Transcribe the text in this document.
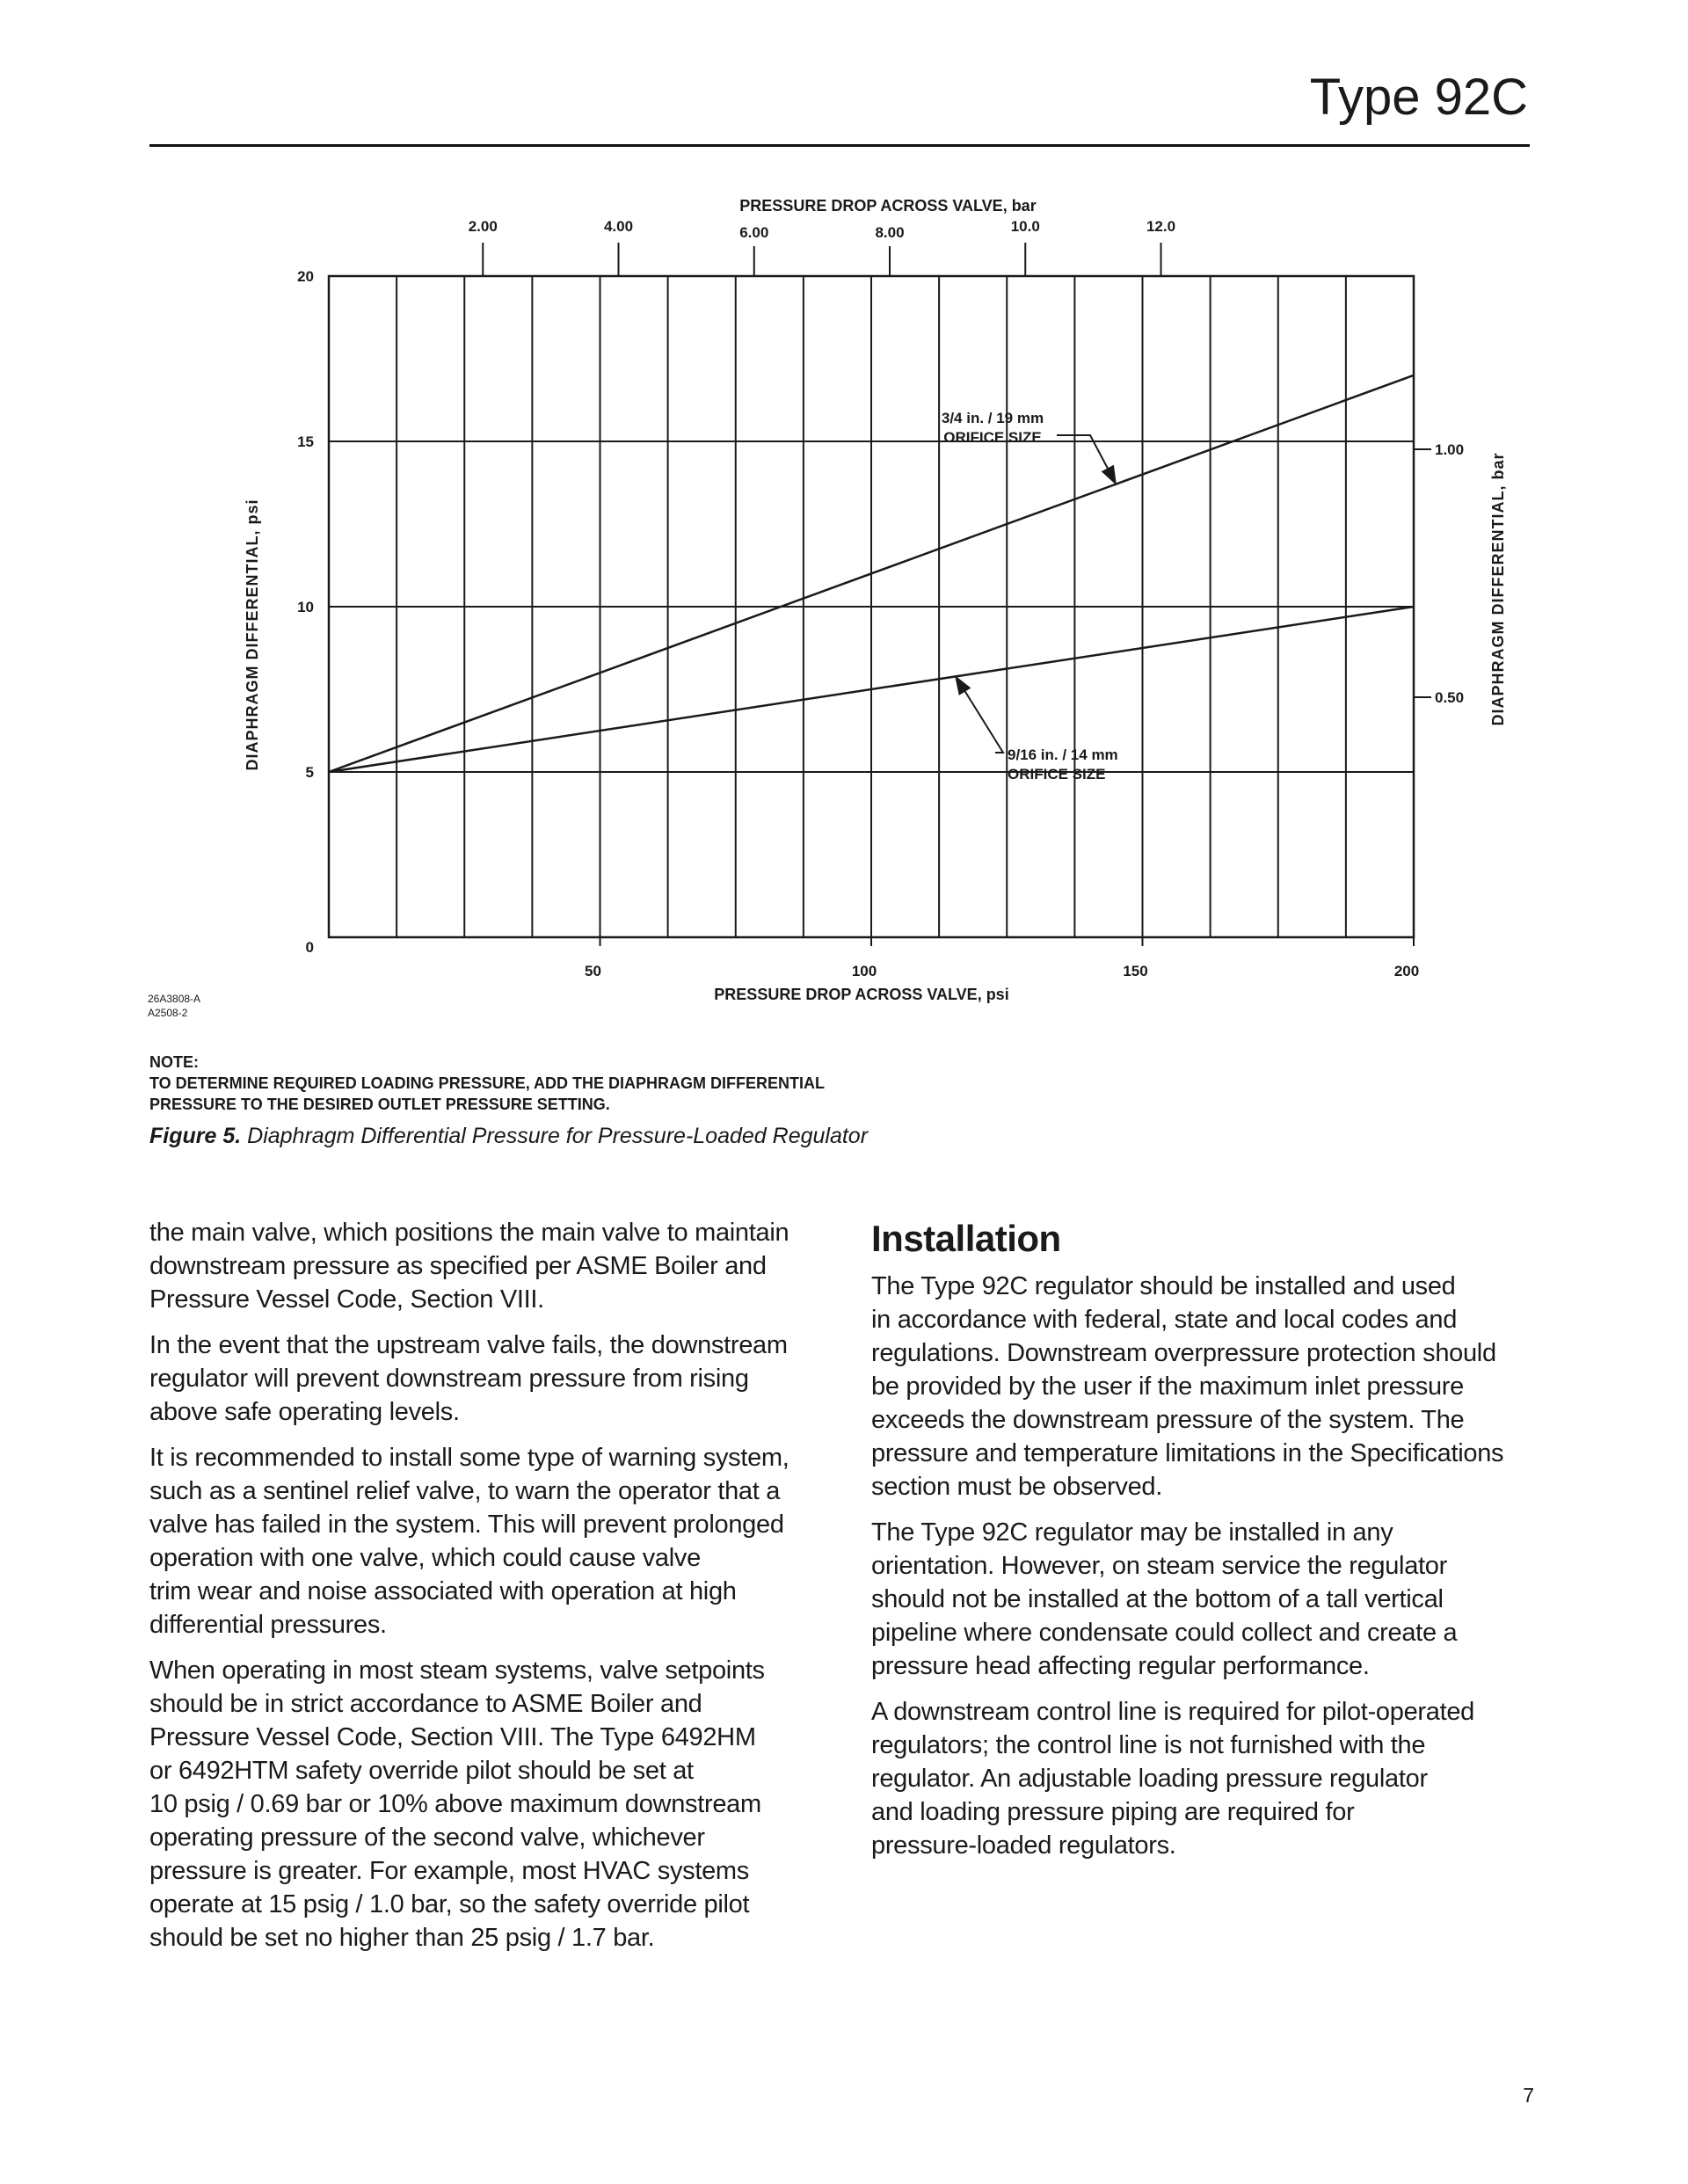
Type 92C
50	100	150	200
0
5
10
15
20
2.00	4.00	6.00	8.00	10.0	12.0
1.00
0.50
PRESSURE DROP ACROSS VALVE, bar
PRESSURE DROP ACROSS VALVE, psi
DIAPHRAGM DIFFERENTIAL, psi	DIAPHRAGM DIFFERENTIAL, bar
3/4 in. / 19 mm
ORIFICE SIZE
9/16 in. / 14 mm
ORIFICE SIZE
26A3808-A
A2508-2
NOTE:
TO DETERMINE REQUIRED LOADING PRESSURE, ADD THE DIAPHRAGM DIFFERENTIAL
PRESSURE TO THE DESIRED OUTLET PRESSURE SETTING.
Figure 5. Diaphragm Differential Pressure for Pressure-Loaded Regulator

the main valve, which positions the main valve to maintain
downstream pressure as specified per ASME Boiler and
Pressure Vessel Code, Section VIII.

In the event that the upstream valve fails, the downstream
regulator will prevent downstream pressure from rising
above safe operating levels.

It is recommended to install some type of warning system,
such as a sentinel relief valve, to warn the operator that a
valve has failed in the system. This will prevent prolonged
operation with one valve, which could cause valve
trim wear and noise associated with operation at high
differential pressures.

When operating in most steam systems, valve setpoints
should be in strict accordance to ASME Boiler and
Pressure Vessel Code, Section VIII. The Type 6492HM
or 6492HTM safety override pilot should be set at
10 psig / 0.69 bar or 10% above maximum downstream
operating pressure of the second valve, whichever
pressure is greater. For example, most HVAC systems
operate at 15 psig / 1.0 bar, so the safety override pilot
should be set no higher than 25 psig / 1.7 bar.

Installation

The Type 92C regulator should be installed and used
in accordance with federal, state and local codes and
regulations. Downstream overpressure protection should
be provided by the user if the maximum inlet pressure
exceeds the downstream pressure of the system. The
pressure and temperature limitations in the Specifications
section must be observed.

The Type 92C regulator may be installed in any
orientation. However, on steam service the regulator
should not be installed at the bottom of a tall vertical
pipeline where condensate could collect and create a
pressure head affecting regular performance.

A downstream control line is required for pilot-operated
regulators; the control line is not furnished with the
regulator. An adjustable loading pressure regulator
and loading pressure piping are required for
pressure-loaded regulators.

7
